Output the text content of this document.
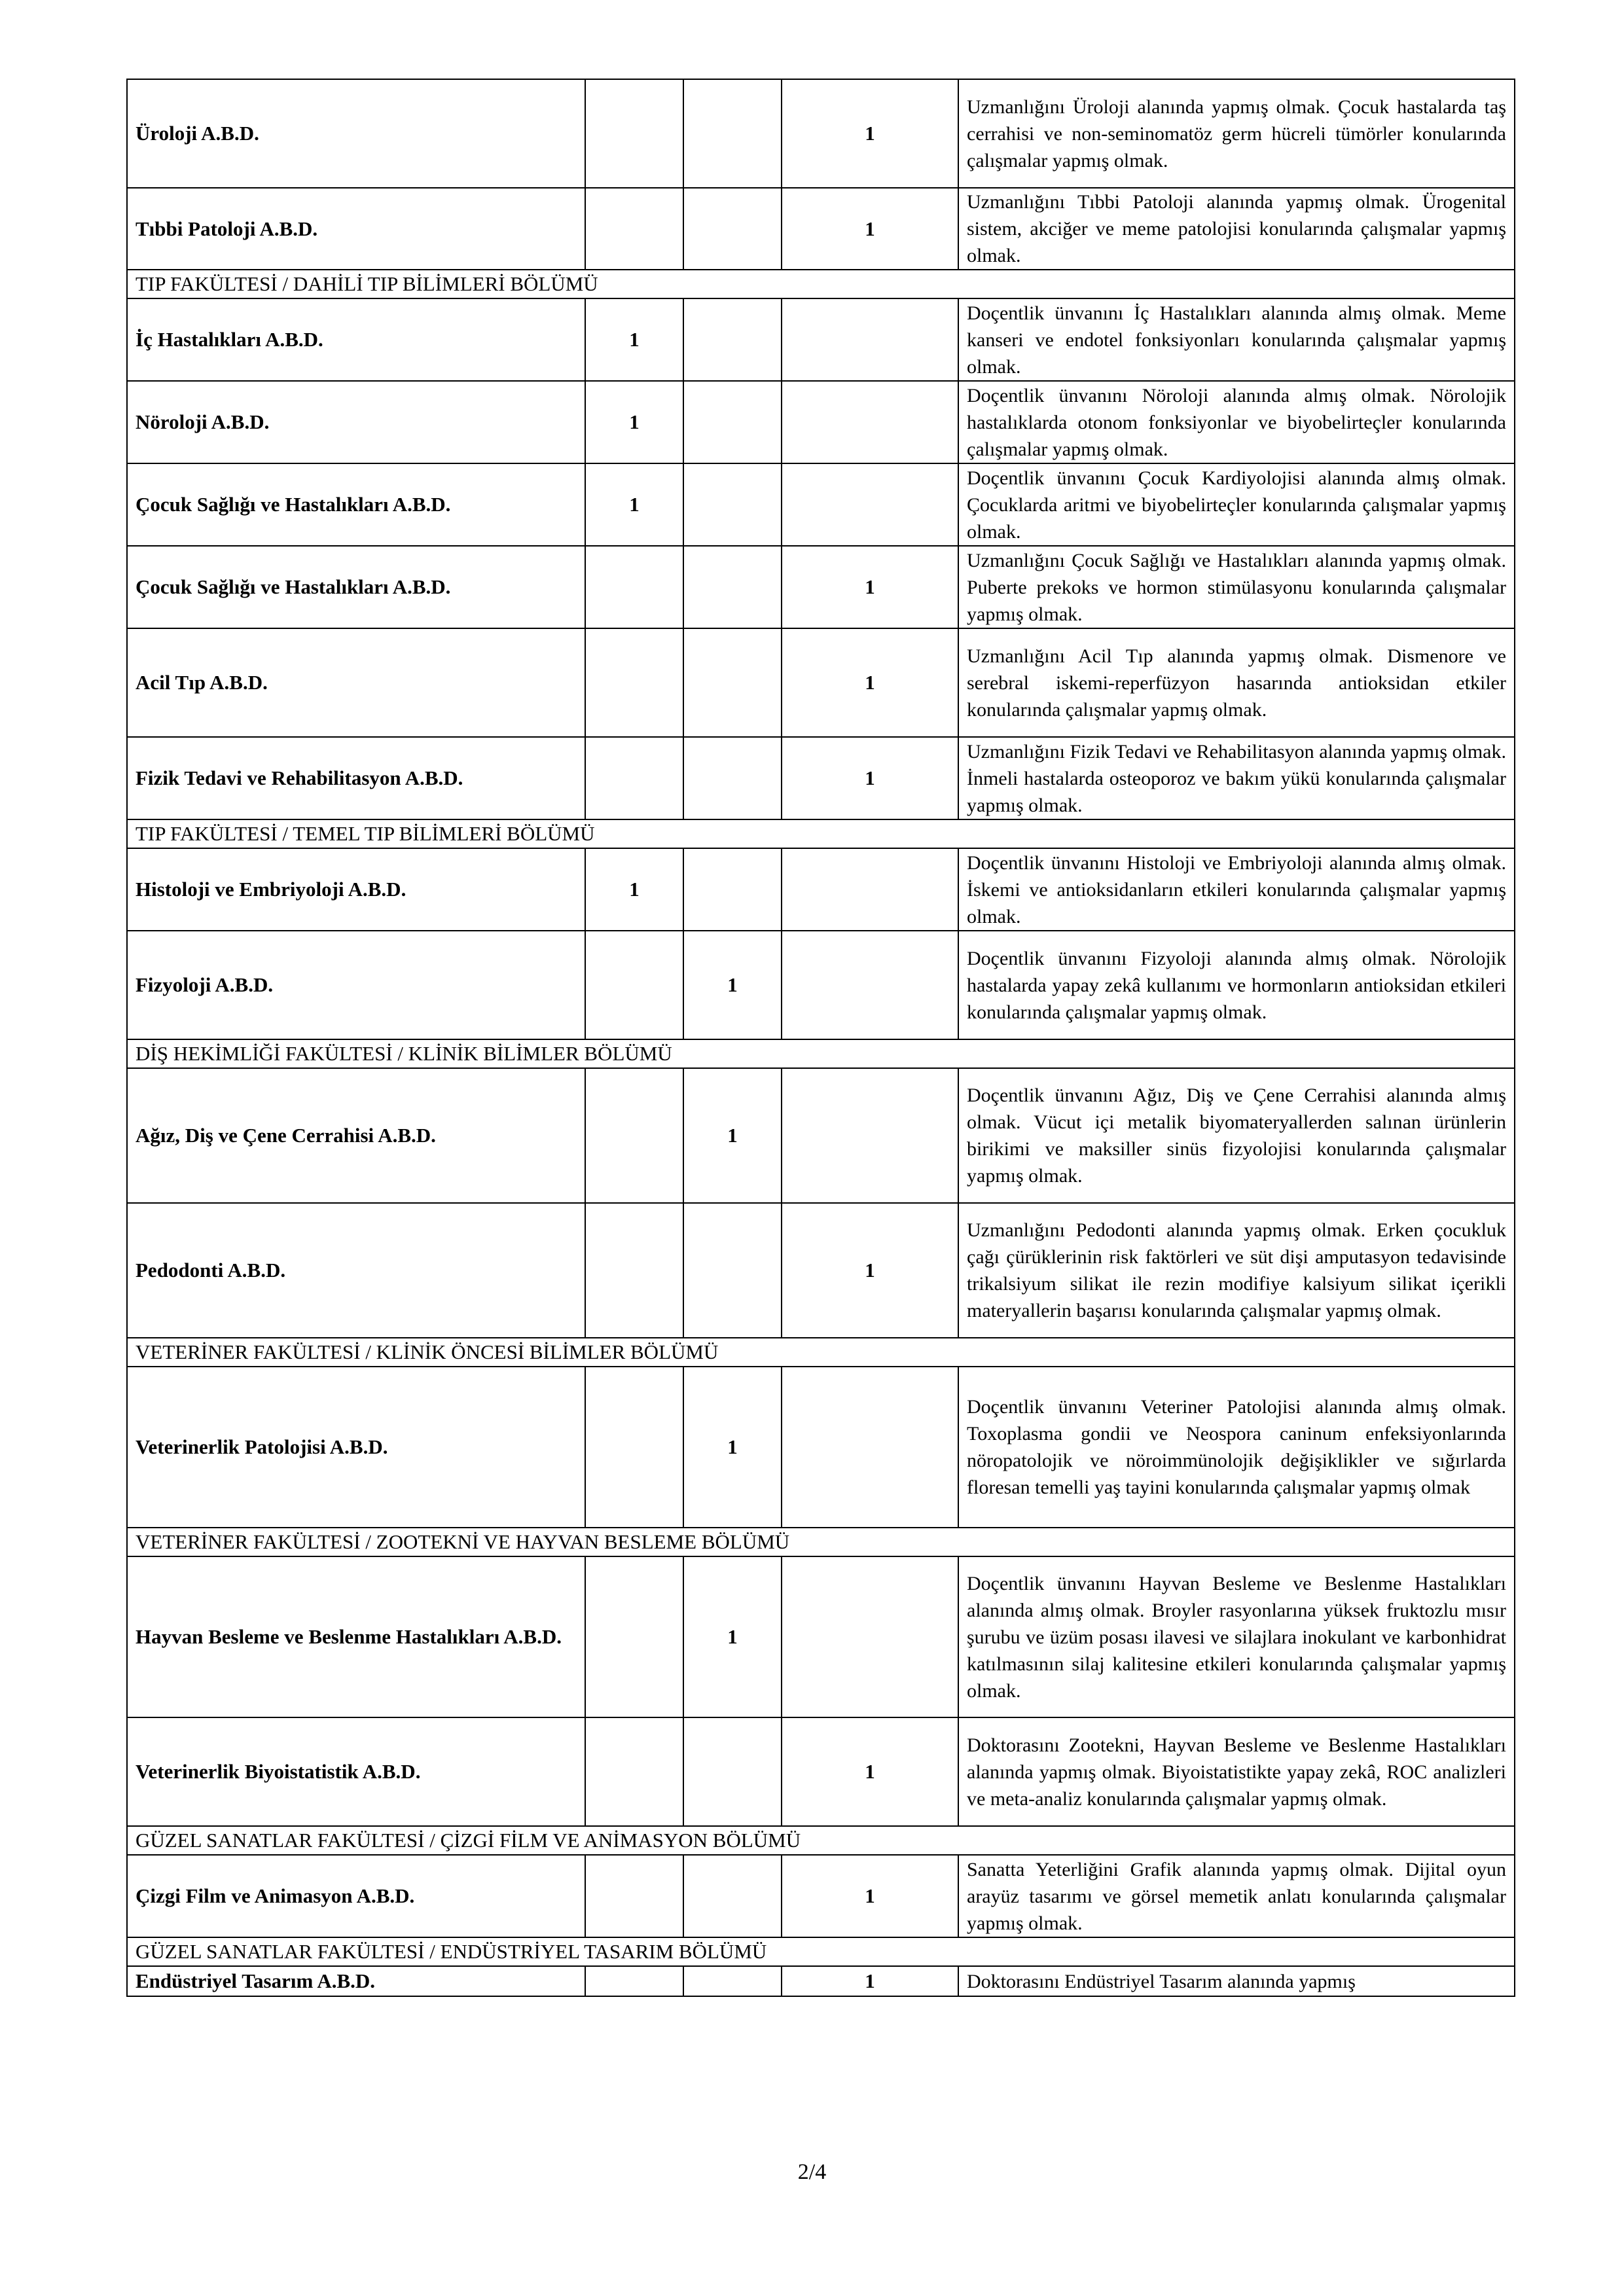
Üroloji A.B.D.			1	Uzmanlığını Üroloji alanında yapmış olmak. Çocuk hastalarda taş cerrahisi ve non-seminomatöz germ hücreli tümörler konularında çalışmalar yapmış olmak.
Tıbbi Patoloji A.B.D.			1	Uzmanlığını Tıbbi Patoloji alanında yapmış olmak. Ürogenital sistem, akciğer ve meme patolojisi konularında çalışmalar yapmış olmak.
TIP FAKÜLTESİ / DAHİLİ TIP BİLİMLERİ BÖLÜMÜ				
İç Hastalıkları A.B.D.	1			Doçentlik ünvanını İç Hastalıkları alanında almış olmak. Meme kanseri ve endotel fonksiyonları konularında çalışmalar yapmış olmak.
Nöroloji A.B.D.	1			Doçentlik ünvanını Nöroloji alanında almış olmak. Nörolojik hastalıklarda otonom fonksiyonlar ve biyobelirteçler konularında çalışmalar yapmış olmak.
Çocuk Sağlığı ve Hastalıkları A.B.D.	1			Doçentlik ünvanını Çocuk Kardiyolojisi alanında almış olmak. Çocuklarda aritmi ve biyobelirteçler konularında çalışmalar yapmış olmak.
Çocuk Sağlığı ve Hastalıkları A.B.D.			1	Uzmanlığını Çocuk Sağlığı ve Hastalıkları alanında yapmış olmak. Puberte prekoks ve hormon stimülasyonu konularında çalışmalar yapmış olmak.
Acil Tıp A.B.D.			1	Uzmanlığını Acil Tıp alanında yapmış olmak. Dismenore ve serebral iskemi-reperfüzyon hasarında antioksidan etkiler konularında çalışmalar yapmış olmak.
Fizik Tedavi ve Rehabilitasyon A.B.D.			1	Uzmanlığını Fizik Tedavi ve Rehabilitasyon alanında yapmış olmak. İnmeli hastalarda osteoporoz ve bakım yükü konularında çalışmalar yapmış olmak.
TIP FAKÜLTESİ / TEMEL TIP BİLİMLERİ BÖLÜMÜ				
Histoloji ve Embriyoloji A.B.D.	1			Doçentlik ünvanını Histoloji ve Embriyoloji alanında almış olmak. İskemi ve antioksidanların etkileri konularında çalışmalar yapmış olmak.
Fizyoloji A.B.D.		1		Doçentlik ünvanını Fizyoloji alanında almış olmak. Nörolojik hastalarda yapay zekâ kullanımı ve hormonların antioksidan etkileri konularında çalışmalar yapmış olmak.
DİŞ HEKİMLİĞİ FAKÜLTESİ / KLİNİK BİLİMLER BÖLÜMÜ				
Ağız, Diş ve Çene Cerrahisi A.B.D.		1		Doçentlik ünvanını Ağız, Diş ve Çene Cerrahisi alanında almış olmak. Vücut içi metalik biyomateryallerden salınan ürünlerin birikimi ve maksiller sinüs fizyolojisi konularında çalışmalar yapmış olmak.
Pedodonti A.B.D.			1	Uzmanlığını Pedodonti alanında yapmış olmak. Erken çocukluk çağı çürüklerinin risk faktörleri ve süt dişi amputasyon tedavisinde trikalsiyum silikat ile rezin modifiye kalsiyum silikat içerikli materyallerin başarısı konularında çalışmalar yapmış olmak.
VETERİNER FAKÜLTESİ / KLİNİK ÖNCESİ BİLİMLER BÖLÜMÜ				
Veterinerlik Patolojisi A.B.D.		1		Doçentlik ünvanını Veteriner Patolojisi alanında almış olmak. Toxoplasma gondii ve Neospora caninum enfeksiyonlarında nöropatolojik ve nöroimmünolojik değişiklikler ve sığırlarda floresan temelli yaş tayini konularında çalışmalar yapmış olmak
VETERİNER FAKÜLTESİ / ZOOTEKNİ VE HAYVAN BESLEME BÖLÜMÜ				
Hayvan Besleme ve Beslenme Hastalıkları A.B.D.		1		Doçentlik ünvanını Hayvan Besleme ve Beslenme Hastalıkları alanında almış olmak. Broyler rasyonlarına yüksek fruktozlu mısır şurubu ve üzüm posası ilavesi ve silajlara inokulant ve karbonhidrat katılmasının silaj kalitesine etkileri konularında çalışmalar yapmış olmak.
Veterinerlik Biyoistatistik A.B.D.			1	Doktorasını Zootekni, Hayvan Besleme ve Beslenme Hastalıkları alanında yapmış olmak. Biyoistatistikte yapay zekâ, ROC analizleri ve meta-analiz konularında çalışmalar yapmış olmak.
GÜZEL SANATLAR FAKÜLTESİ / ÇİZGİ FİLM VE ANİMASYON BÖLÜMÜ				
Çizgi Film ve Animasyon A.B.D.			1	Sanatta Yeterliğini Grafik alanında yapmış olmak. Dijital oyun arayüz tasarımı ve görsel memetik anlatı konularında çalışmalar yapmış olmak.
GÜZEL SANATLAR FAKÜLTESİ / ENDÜSTRİYEL TASARIM BÖLÜMÜ				
Endüstriyel Tasarım A.B.D.			1	Doktorasını Endüstriyel Tasarım alanında yapmış
2/4
